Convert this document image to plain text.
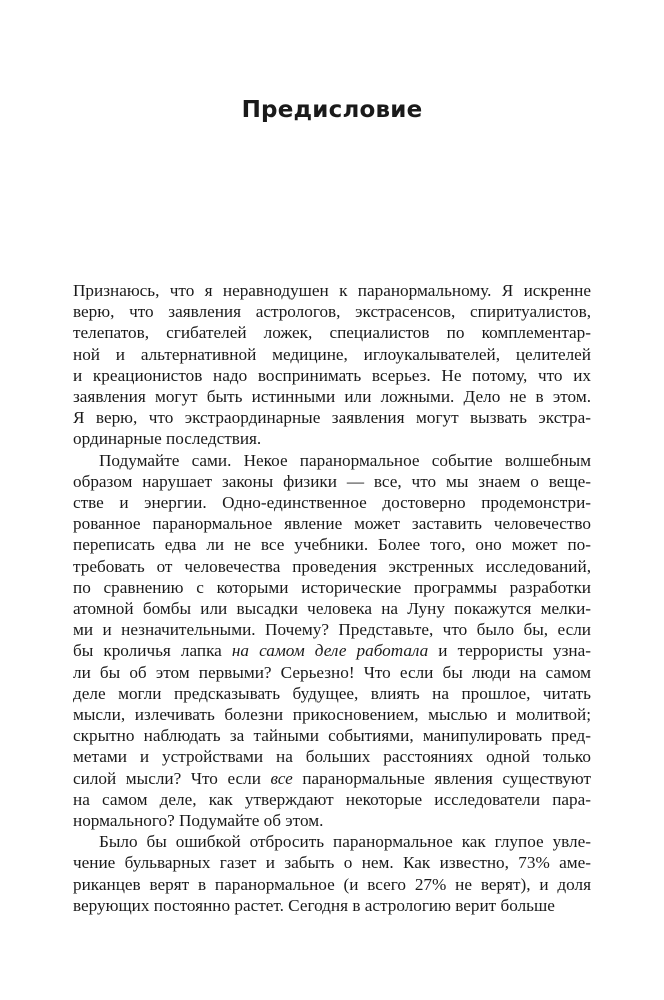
Предисловие

Признаюсь, что я неравнодушен к паранормальному. Я искренне
верю, что заявления астрологов, экстрасенсов, спиритуалистов,
телепатов, сгибателей ложек, специалистов по комплементар-
ной и альтернативной медицине, иглоукалывателей, целителей
и креационистов надо воспринимать всерьез. Не потому, что их
заявления могут быть истинными или ложными. Дело не в этом.
Я верю, что экстраординарные заявления могут вызвать экстра-
ординарные последствия.

Подумайте сами. Некое паранормальное событие волшебным
образом нарушает законы физики — все, что мы знаем о веще-
стве и энергии. Одно-единственное достоверно продемонстри-
рованное паранормальное явление может заставить человечество
переписать едва ли не все учебники. Более того, оно может по-
требовать от человечества проведения экстренных исследований,
по сравнению с которыми исторические программы разработки
атомной бомбы или высадки человека на Луну покажутся мелки-
ми и незначительными. Почему? Представьте, что было бы, если
бы кроличья лапка на самом деле работала и террористы узна-
ли бы об этом первыми? Серьезно! Что если бы люди на самом
деле могли предсказывать будущее, влиять на прошлое, читать
мысли, излечивать болезни прикосновением, мыслью и молитвой;
скрытно наблюдать за тайными событиями, манипулировать пред-
метами и устройствами на больших расстояниях одной только
силой мысли? Что если все паранормальные явления существуют
на самом деле, как утверждают некоторые исследователи пара-
нормального? Подумайте об этом.

Было бы ошибкой отбросить паранормальное как глупое увле-
чение бульварных газет и забыть о нем. Как известно, 73% аме-
риканцев верят в паранормальное (и всего 27% не верят), и доля
верующих постоянно растет. Сегодня в астрологию верит больше
